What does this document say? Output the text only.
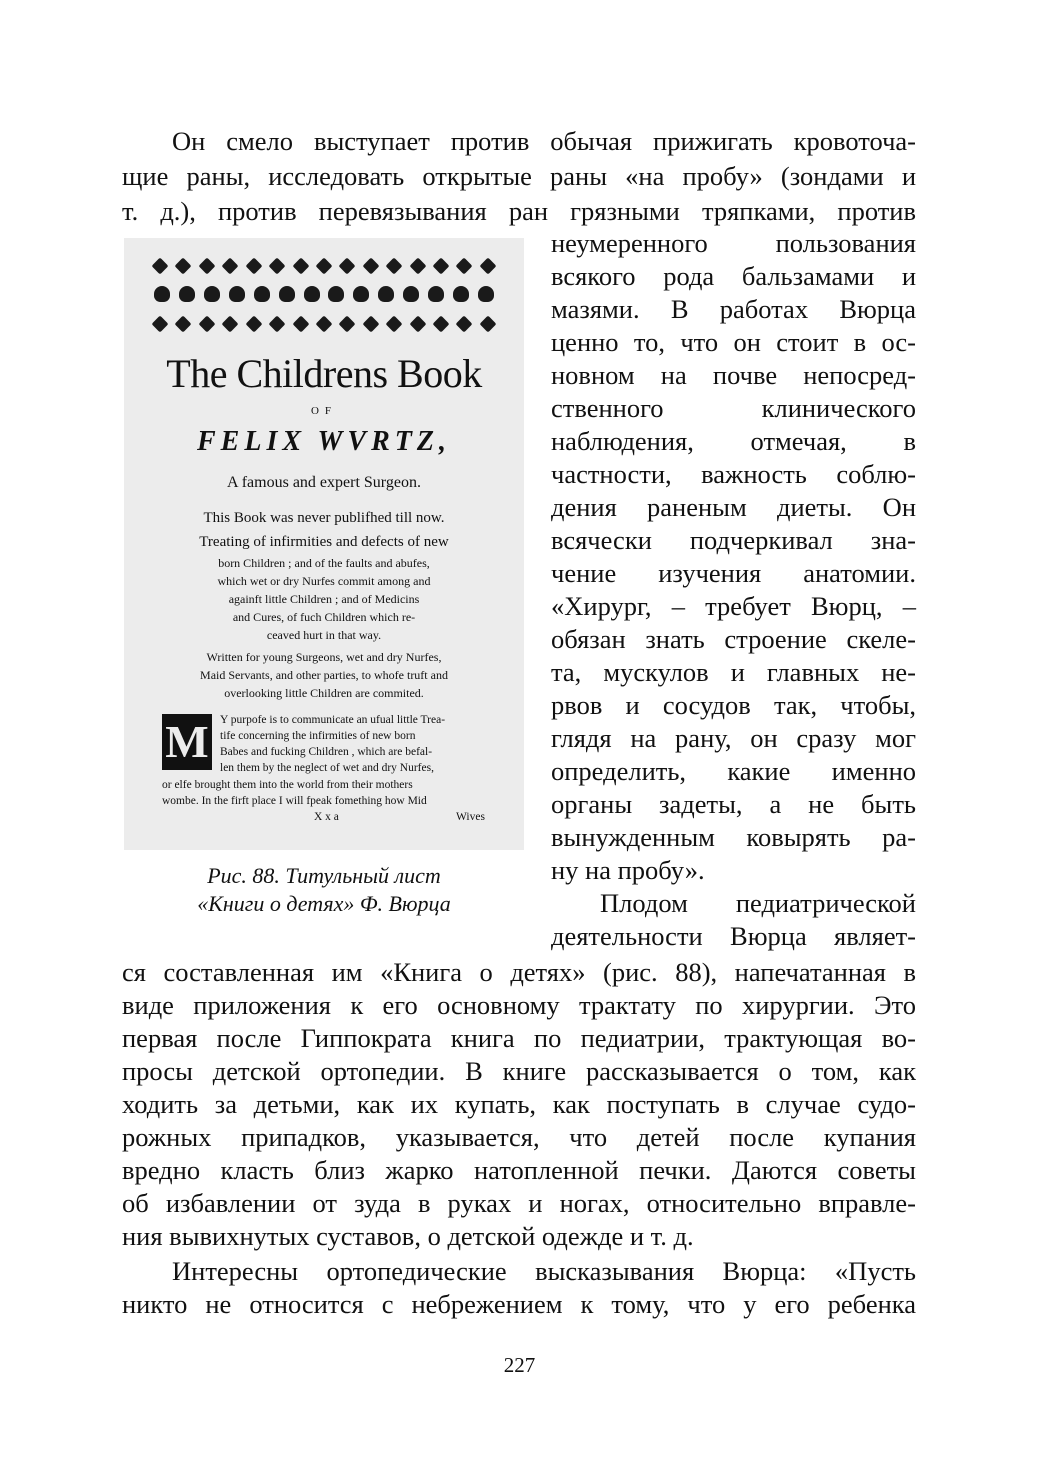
Он смело выступает против обычая прижигать кровоточа-
щие раны, исследовать открытые раны «на пробу» (зондами и
т. д.), против перевязывания ран грязными тряпками, против
The Childrens Book
OF
FELIX WVRTZ,
A famous and expert Surgeon.
This Book was never publifhed till now.
Treating of infirmities and defects of new
born Children ; and of the faults and abufes,
which wet or dry Nurfes commit among and
againft little Children ; and of Medicins
and Cures, of fuch Children which re-
ceaved hurt in that way.
Written for young Surgeons, wet and dry Nurfes,
Maid Servants, and other parties, to whofe truft and
overlooking little Children are commited.
M Y purpofe is to communicate an ufual little Trea-
tife concerning the infirmities of new born
Babes and fucking Children , which are befal-
len them by the neglect of wet and dry Nurfes,
or elfe brought them into the world from their mothers
wombe. In the firft place I will fpeak fomething how Mid
X x a	Wives
Рис. 88. Титульный лист
«Книги о детях» Ф. Вюрца
неумеренного пользования
всякого рода бальзамами и
мазями. В работах Вюрца
ценно то, что он стоит в ос-
новном на почве непосред-
ственного клинического
наблюдения, отмечая, в
частности, важность соблю-
дения раненым диеты. Он
всячески подчеркивал зна-
чение изучения анатомии.
«Хирург, – требует Вюрц, –
обязан знать строение скеле-
та, мускулов и главных не-
рвов и сосудов так, чтобы,
глядя на рану, он сразу мог
определить, какие именно
органы задеты, а не быть
вынужденным ковырять ра-
ну на пробу».
Плодом педиатрической
деятельности Вюрца являет-
ся составленная им «Книга о детях» (рис. 88), напечатанная в
виде приложения к его основному трактату по хирургии. Это
первая после Гиппократа книга по педиатрии, трактующая во-
просы детской ортопедии. В книге рассказывается о том, как
ходить за детьми, как их купать, как поступать в случае судо-
рожных припадков, указывается, что детей после купания
вредно класть близ жарко натопленной печки. Даются советы
об избавлении от зуда в руках и ногах, относительно вправле-
ния вывихнутых суставов, о детской одежде и т. д.
Интересны ортопедические высказывания Вюрца: «Пусть
никто не относится с небрежением к тому, что у его ребенка
227
